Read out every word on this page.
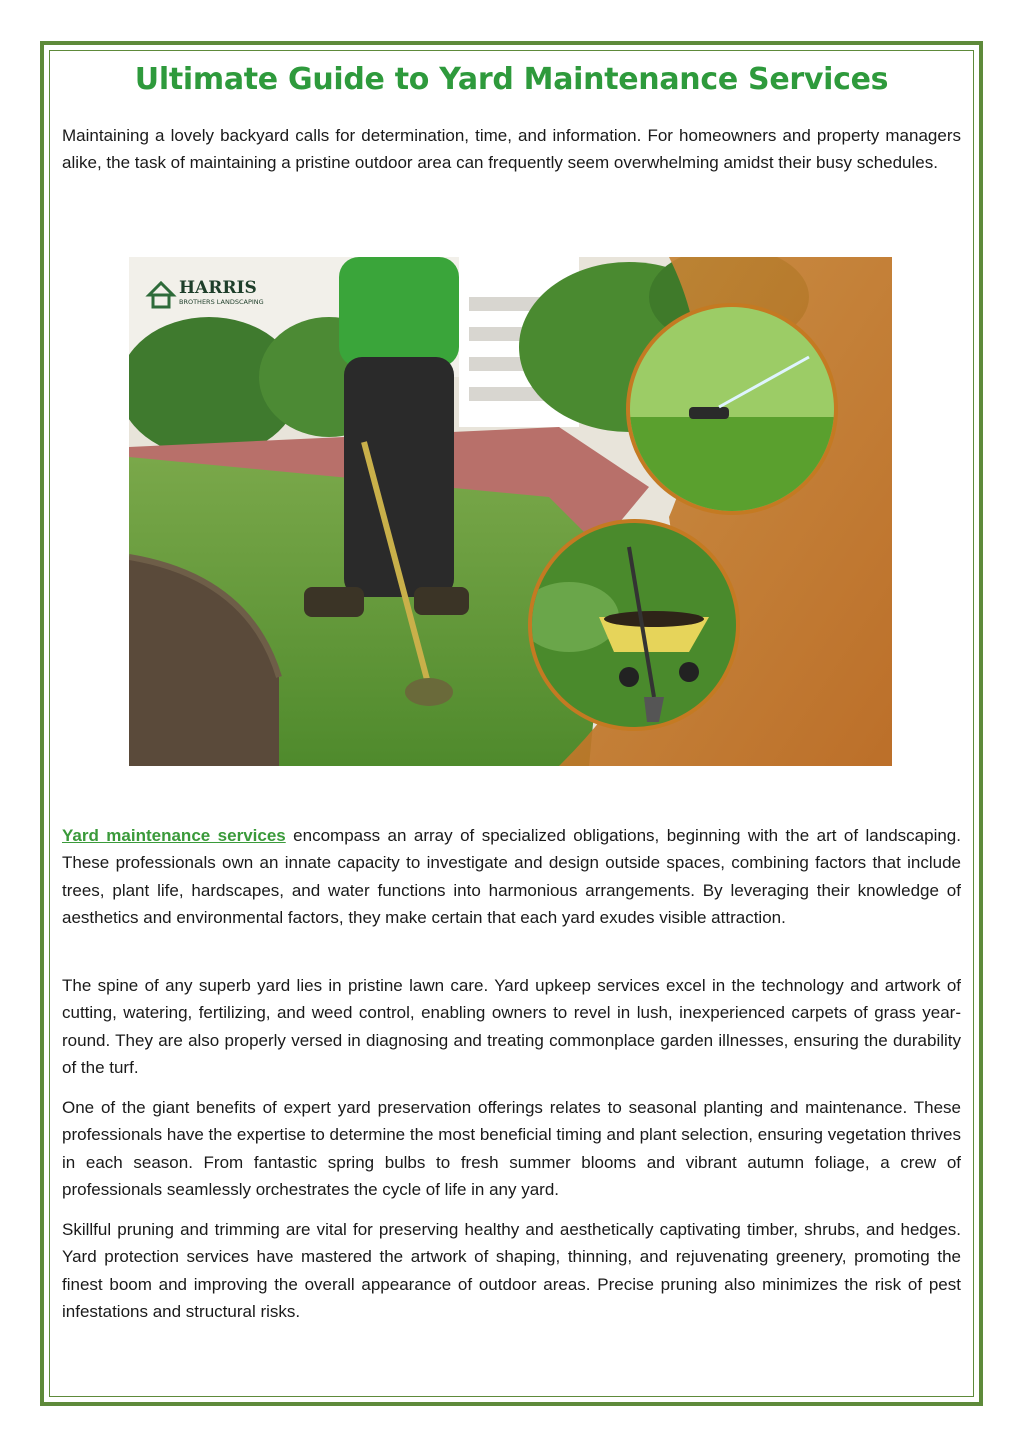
Ultimate Guide to Yard Maintenance Services

Maintaining a lovely backyard calls for determination, time, and information. For homeowners and property managers alike, the task of maintaining a pristine outdoor area can frequently seem overwhelming amidst their busy schedules.

HARRIS
BROTHERS LANDSCAPING

Yard maintenance services encompass an array of specialized obligations, beginning with the art of landscaping. These professionals own an innate capacity to investigate and design outside spaces, combining factors that include trees, plant life, hardscapes, and water functions into harmonious arrangements. By leveraging their knowledge of aesthetics and environmental factors, they make certain that each yard exudes visible attraction.

The spine of any superb yard lies in pristine lawn care. Yard upkeep services excel in the technology and artwork of cutting, watering, fertilizing, and weed control, enabling owners to revel in lush, inexperienced carpets of grass year-round. They are also properly versed in diagnosing and treating commonplace garden illnesses, ensuring the durability of the turf.

One of the giant benefits of expert yard preservation offerings relates to seasonal planting and maintenance. These professionals have the expertise to determine the most beneficial timing and plant selection, ensuring vegetation thrives in each season. From fantastic spring bulbs to fresh summer blooms and vibrant autumn foliage, a crew of professionals seamlessly orchestrates the cycle of life in any yard.

Skillful pruning and trimming are vital for preserving healthy and aesthetically captivating timber, shrubs, and hedges. Yard protection services have mastered the artwork of shaping, thinning, and rejuvenating greenery, promoting the finest boom and improving the overall appearance of outdoor areas. Precise pruning also minimizes the risk of pest infestations and structural risks.
